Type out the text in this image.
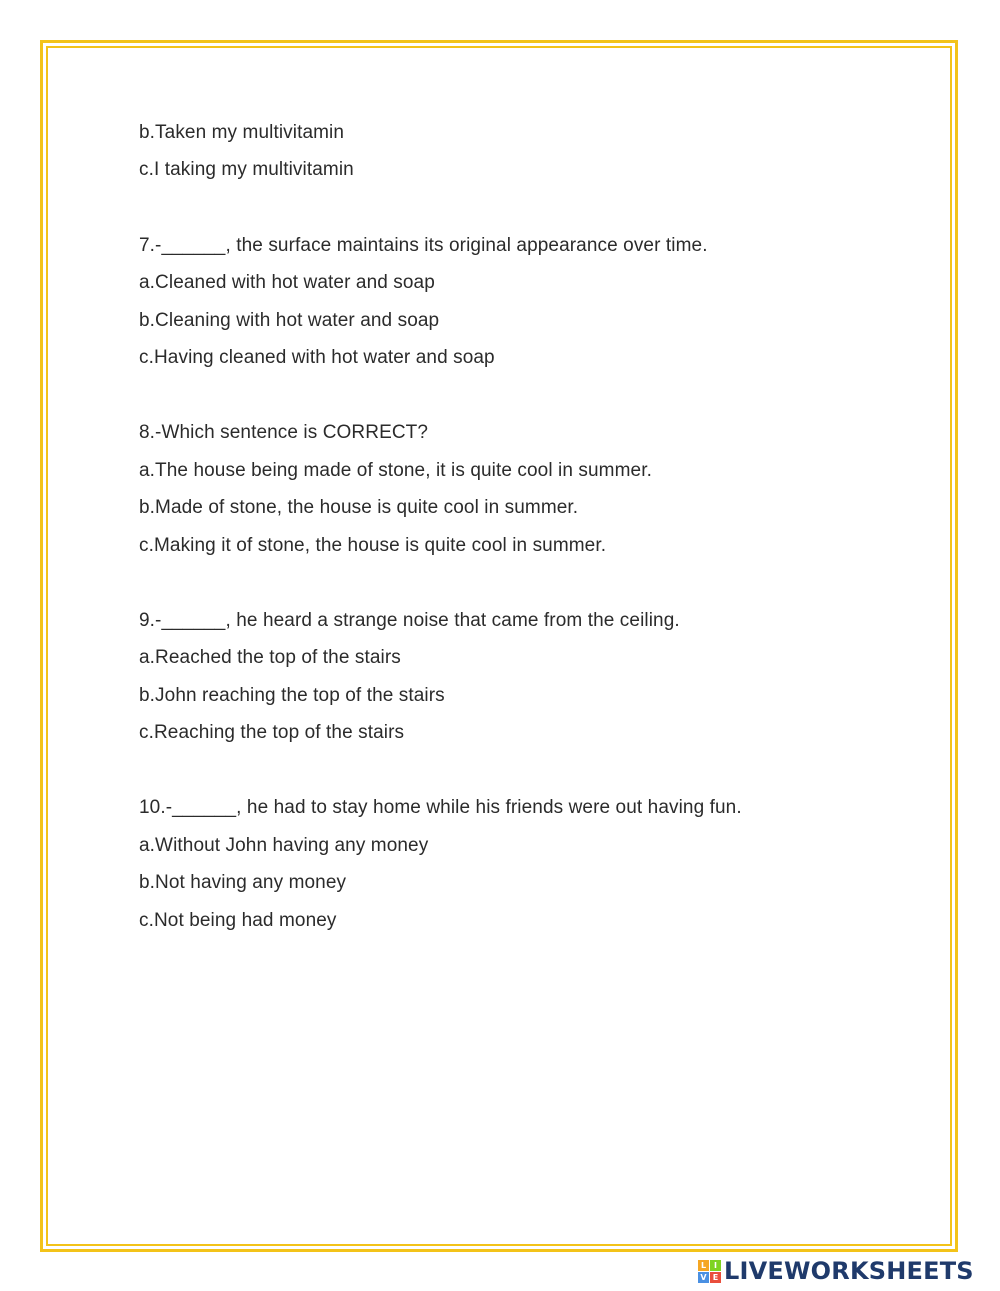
b.Taken my multivitamin
c.I taking my multivitamin
7.-______, the surface maintains its original appearance over time.
a.Cleaned with hot water and soap
b.Cleaning with hot water and soap
c.Having cleaned with hot water and soap
8.-Which sentence is CORRECT?
a.The house being made of stone, it is quite cool in summer.
b.Made of stone, the house is quite cool in summer.
c.Making it of stone, the house is quite cool in summer.
9.-______, he heard a strange noise that came from the ceiling.
a.Reached the top of the stairs
b.John reaching the top of the stairs
c.Reaching the top of the stairs
10.-______, he had to stay home while his friends were out having fun.
a.Without John having any money
b.Not having any money
c.Not being had money
L I
V E LIVEWORKSHEETS
